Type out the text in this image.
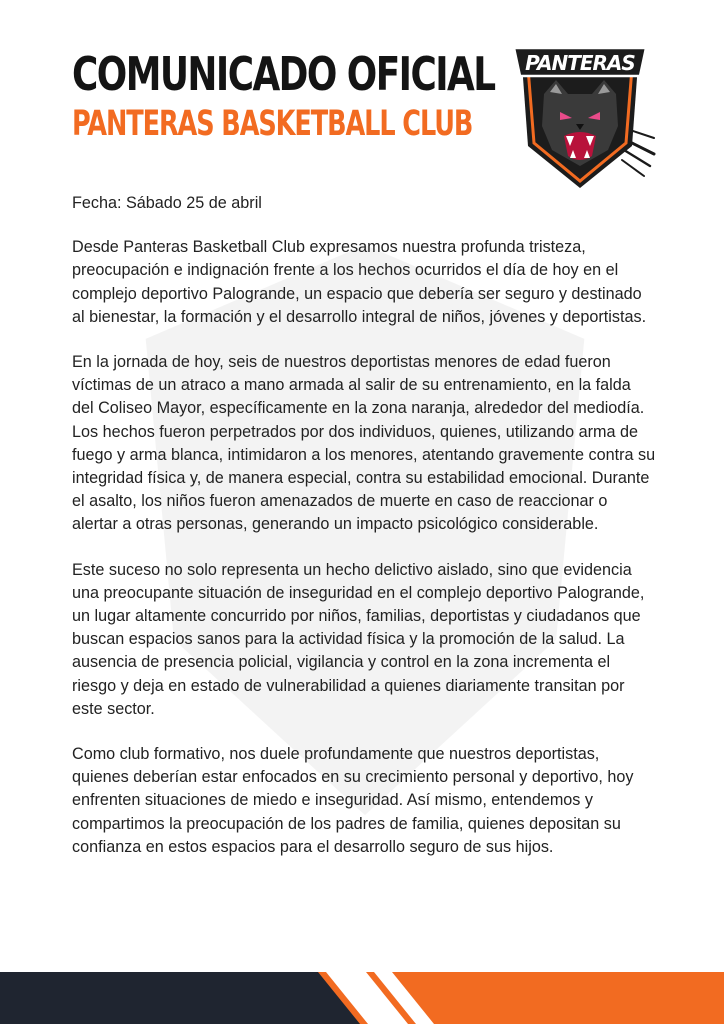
COMUNICADO OFICIAL
PANTERAS BASKETBALL CLUB
PANTERAS

Fecha: Sábado 25 de abril

Desde Panteras Basketball Club expresamos nuestra profunda tristeza, preocupación e indignación frente a los hechos ocurridos el día de hoy en el complejo deportivo Palogrande, un espacio que debería ser seguro y destinado al bienestar, la formación y el desarrollo integral de niños, jóvenes y deportistas.

En la jornada de hoy, seis de nuestros deportistas menores de edad fueron víctimas de un atraco a mano armada al salir de su entrenamiento, en la falda del Coliseo Mayor, específicamente en la zona naranja, alrededor del mediodía. Los hechos fueron perpetrados por dos individuos, quienes, utilizando arma de fuego y arma blanca, intimidaron a los menores, atentando gravemente contra su integridad física y, de manera especial, contra su estabilidad emocional. Durante el asalto, los niños fueron amenazados de muerte en caso de reaccionar o alertar a otras personas, generando un impacto psicológico considerable.

Este suceso no solo representa un hecho delictivo aislado, sino que evidencia una preocupante situación de inseguridad en el complejo deportivo Palogrande, un lugar altamente concurrido por niños, familias, deportistas y ciudadanos que buscan espacios sanos para la actividad física y la promoción de la salud. La ausencia de presencia policial, vigilancia y control en la zona incrementa el riesgo y deja en estado de vulnerabilidad a quienes diariamente transitan por este sector.

Como club formativo, nos duele profundamente que nuestros deportistas, quienes deberían estar enfocados en su crecimiento personal y deportivo, hoy enfrenten situaciones de miedo e inseguridad. Así mismo, entendemos y compartimos la preocupación de los padres de familia, quienes depositan su confianza en estos espacios para el desarrollo seguro de sus hijos.
